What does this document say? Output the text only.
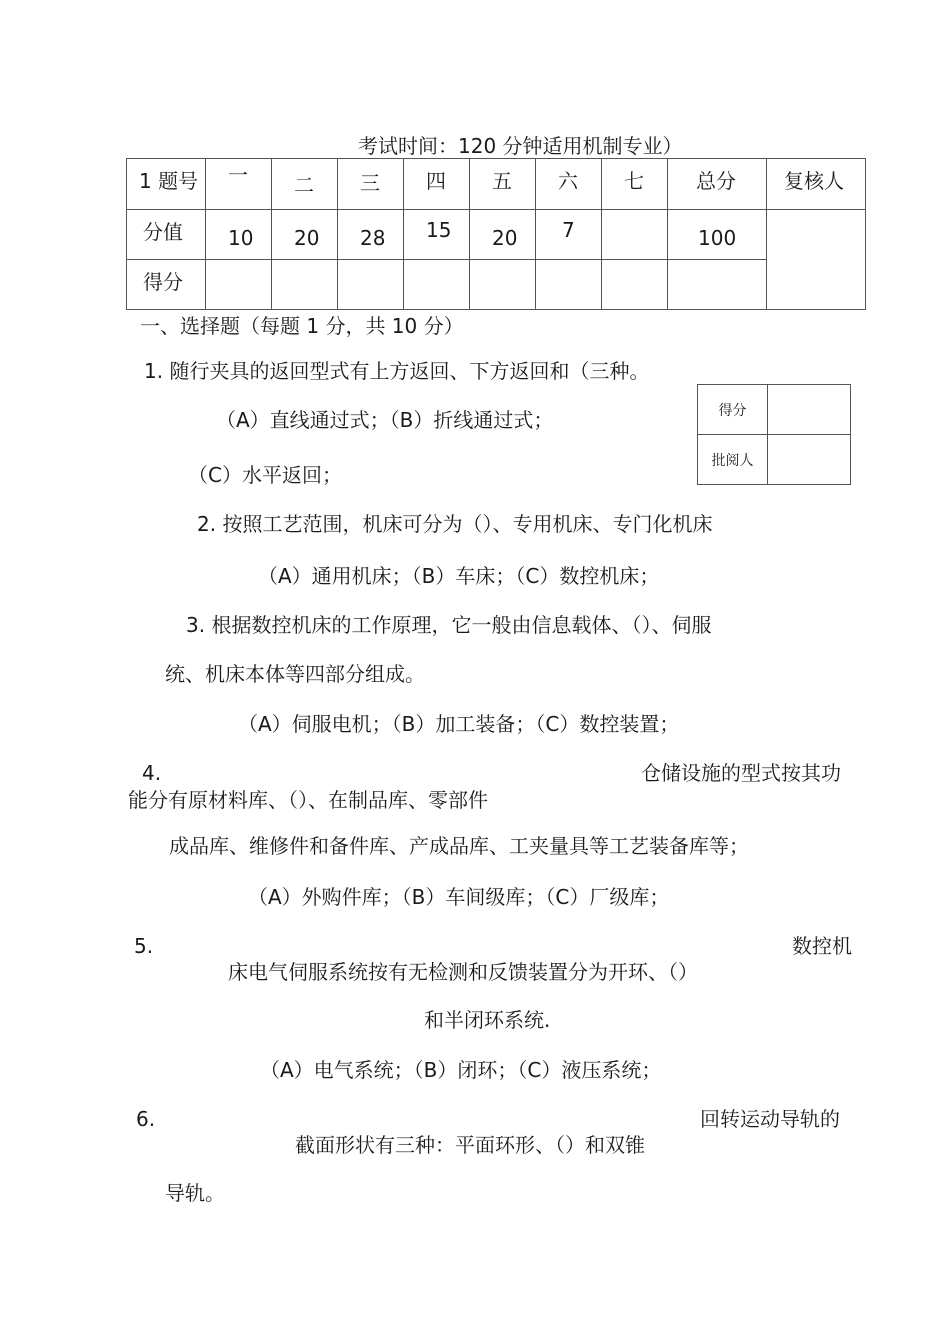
考试时间：120 分钟适用机制专业）
1 题号	一	二	三	四	五	六	七	总分	复核人

分值	10	20	28	15	20	7		100	

得分									

一、选择题（每题 1 分，共 10 分）
1. 随行夹具的返回型式有上方返回、下方返回和（三种。
（A）直线通过式；（B）折线通过式；
（C）水平返回；
得分	
批阅人	
2. 按照工艺范围，机床可分为（）、专用机床、专门化机床
（A）通用机床；（B）车床；（C）数控机床；
3. 根据数控机床的工作原理，它一般由信息载体、（）、伺服
统、机床本体等四部分组成。
（A）伺服电机；（B）加工装备；（C）数控装置；
4.	仓储设施的型式按其功
能分有原材料库、（）、在制品库、零部件
成品库、维修件和备件库、产成品库、工夹量具等工艺装备库等；
（A）外购件库；（B）车间级库；（C）厂级库；
5.	数控机
床电气伺服系统按有无检测和反馈装置分为开环、（）
和半闭环系统.
（A）电气系统；（B）闭环；（C）液压系统；
6.	回转运动导轨的
截面形状有三种：平面环形、（）和双锥
导轨。
